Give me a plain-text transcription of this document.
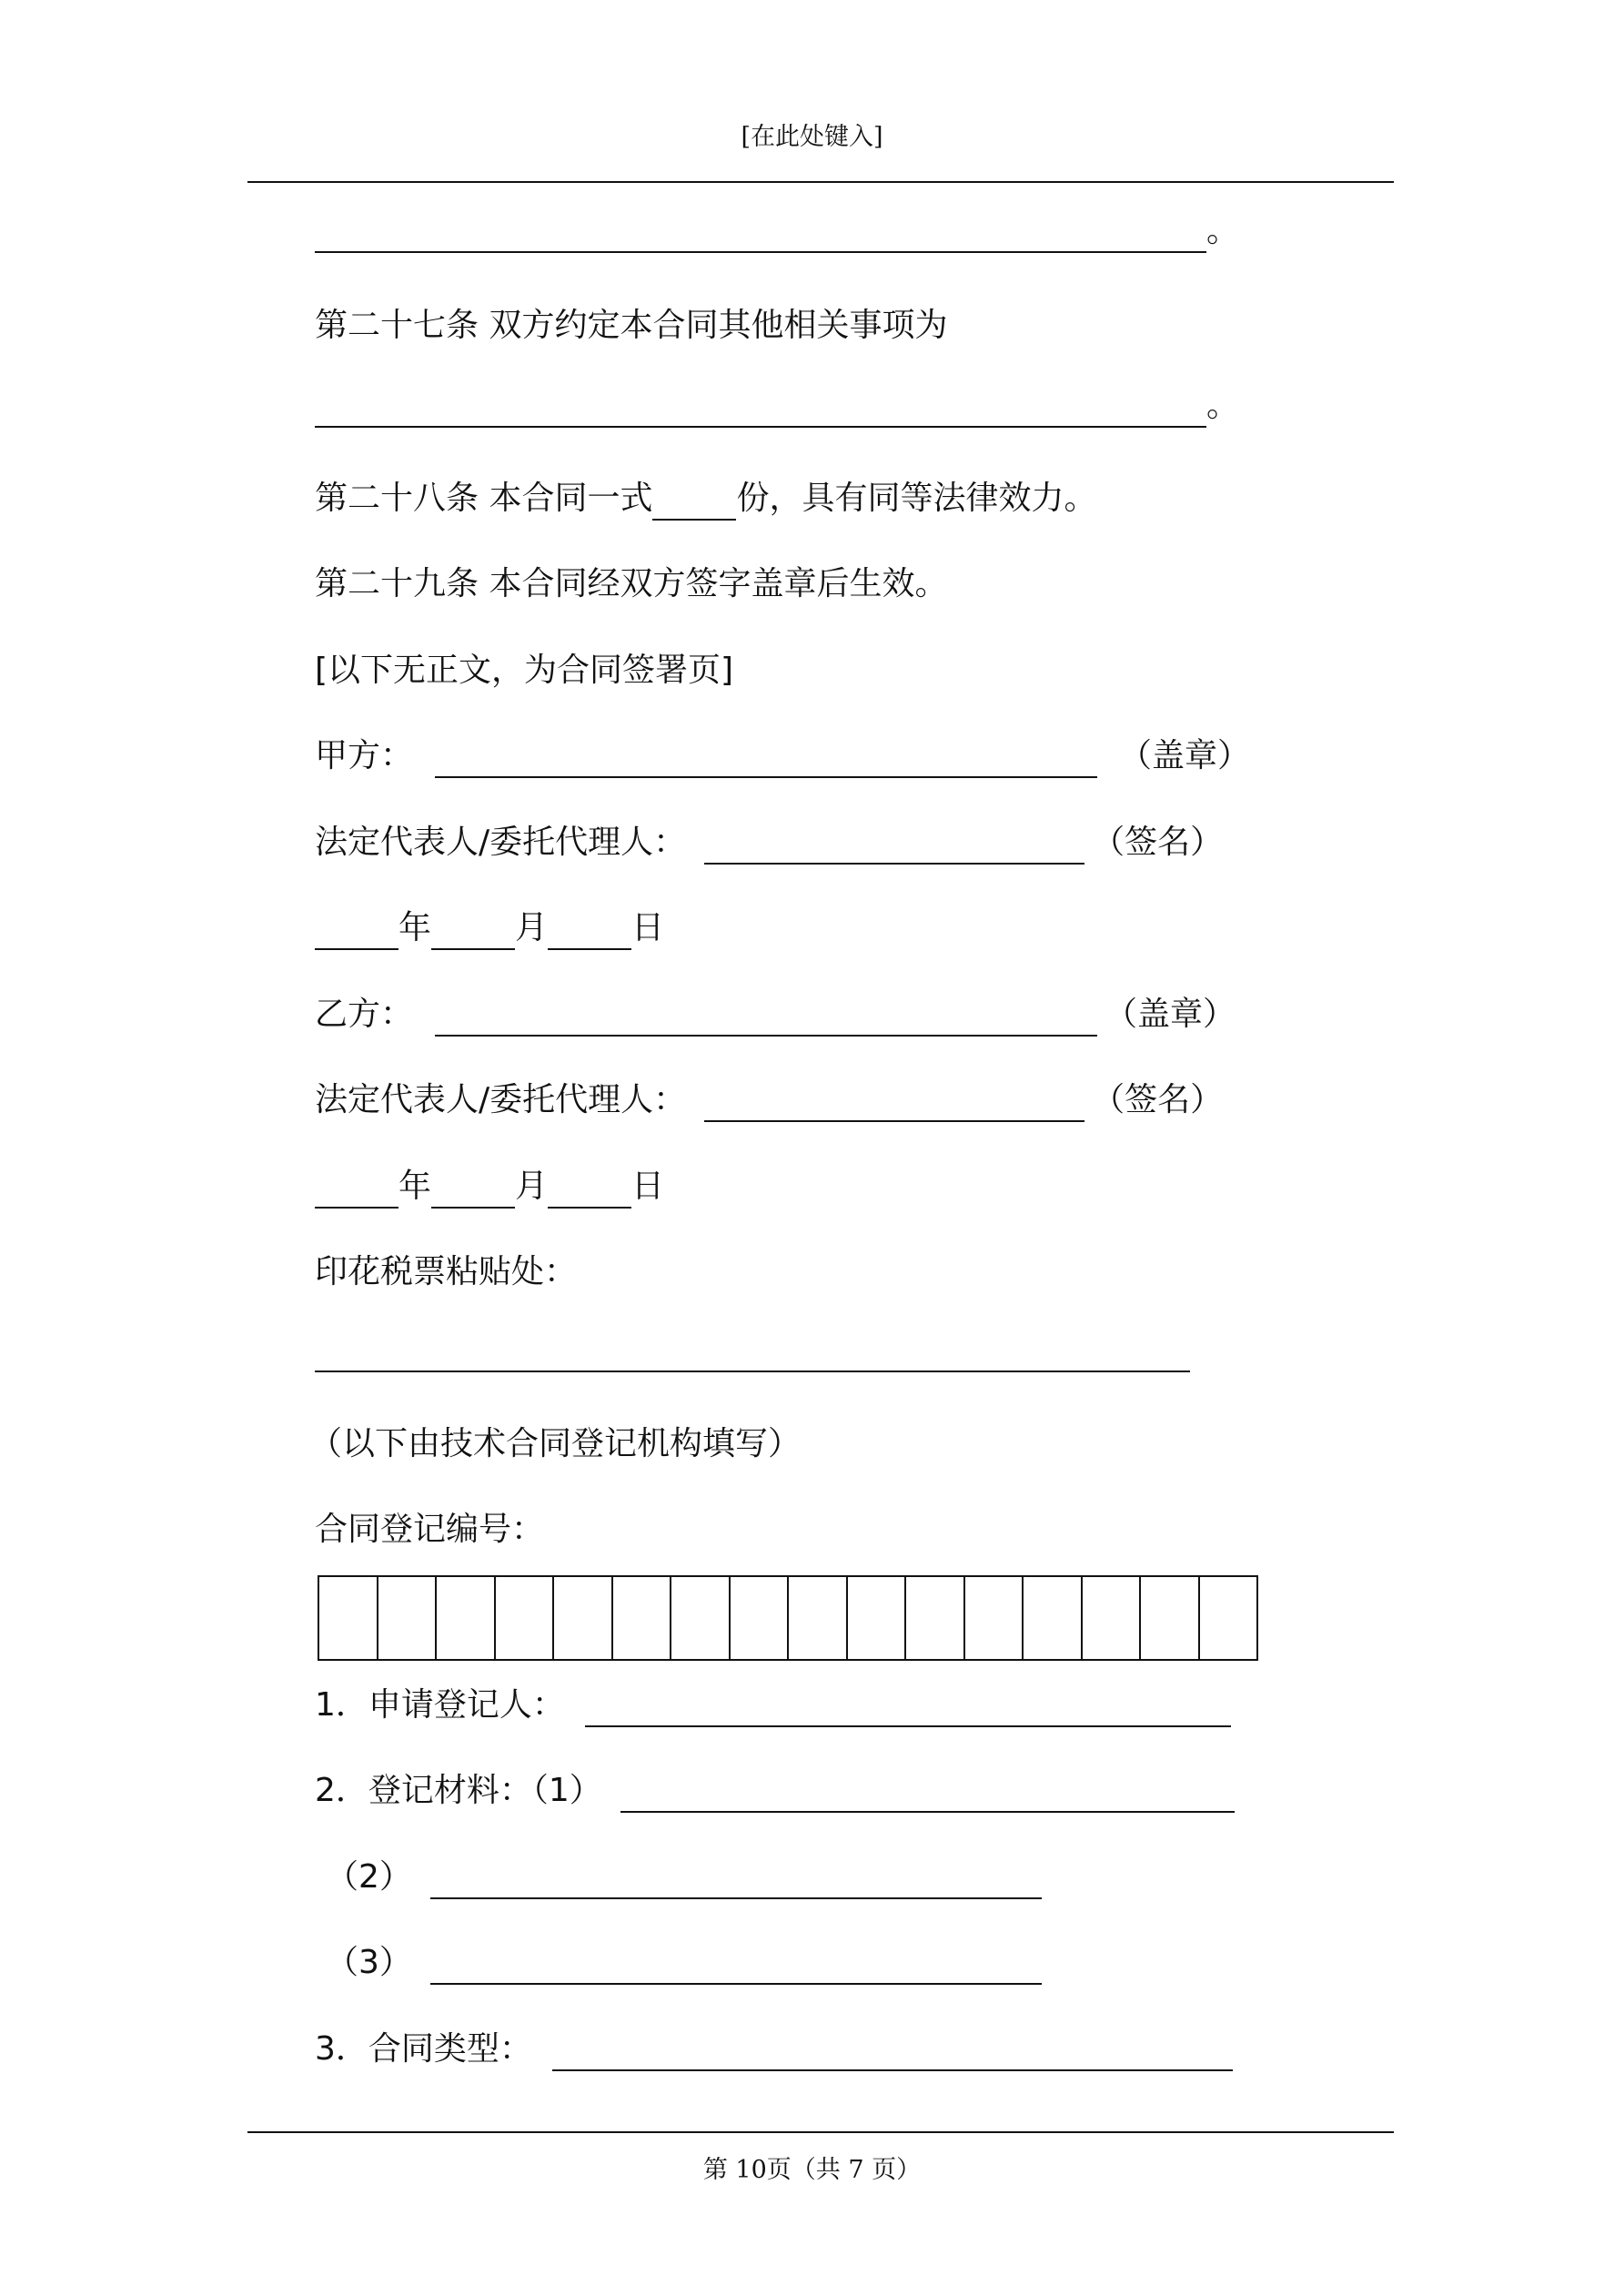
[在此处键入]
。
第二十七条 双方约定本合同其他相关事项为
。
第二十八条 本合同一式	份，具有同等法律效力。
第二十九条 本合同经双方签字盖章后生效。
[以下无正文，为合同签署页]
甲方：	（盖章）
法定代表人/委托代理人：	（签名）
年	月	日
乙方：	（盖章）
法定代表人/委托代理人：	（签名）
年	月	日
印花税票粘贴处：
（以下由技术合同登记机构填写）
合同登记编号：
1．申请登记人：
2．登记材料：（1）
（2）
（3）
3．合同类型：
第 10页（共 7 页）
